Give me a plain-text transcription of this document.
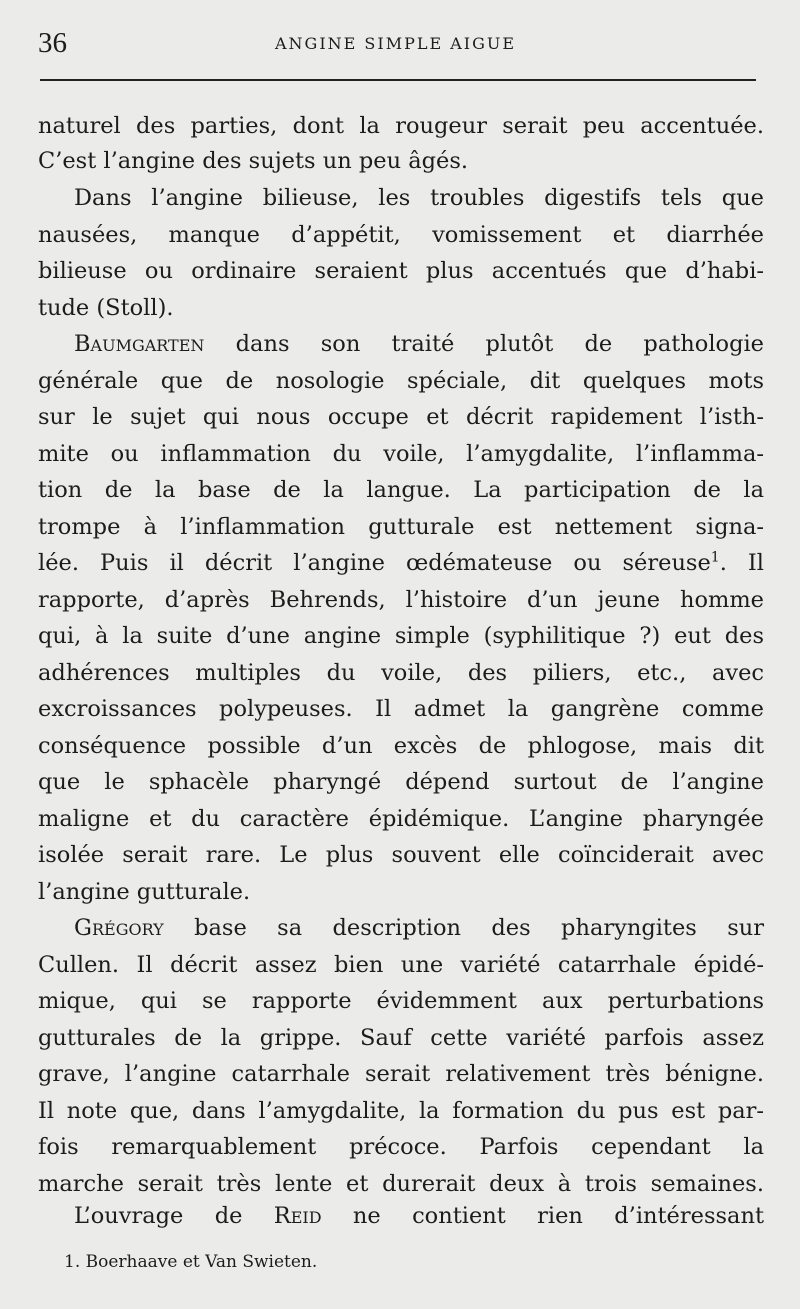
36	ANGINE SIMPLE AIGUE
naturel des parties, dont la rougeur serait peu accentuée.
C’est l’angine des sujets un peu âgés.
Dans l’angine bilieuse, les troubles digestifs tels que
nausées, manque d’appétit, vomissement et diarrhée
bilieuse ou ordinaire seraient plus accentués que d’habi-
tude (Stoll).
Baumgarten dans son traité plutôt de pathologie
générale que de nosologie spéciale, dit quelques mots
sur le sujet qui nous occupe et décrit rapidement l’isth-
mite ou inflammation du voile, l’amygdalite, l’inflamma-
tion de la base de la langue. La participation de la
trompe à l’inflammation gutturale est nettement signa-
lée. Puis il décrit l’angine œdémateuse ou séreuse$^1$. Il
rapporte, d’après Behrends, l’histoire d’un jeune homme
qui, à la suite d’une angine simple (syphilitique ?) eut des
adhérences multiples du voile, des piliers, etc., avec
excroissances polypeuses. Il admet la gangrène comme
conséquence possible d’un excès de phlogose, mais dit
que le sphacèle pharyngé dépend surtout de l’angine
maligne et du caractère épidémique. L’angine pharyngée
isolée serait rare. Le plus souvent elle coïnciderait avec
l’angine gutturale.
Grégory base sa description des pharyngites sur
Cullen. Il décrit assez bien une variété catarrhale épidé-
mique, qui se rapporte évidemment aux perturbations
gutturales de la grippe. Sauf cette variété parfois assez
grave, l’angine catarrhale serait relativement très bénigne.
Il note que, dans l’amygdalite, la formation du pus est par-
fois remarquablement précoce. Parfois cependant la
marche serait très lente et durerait deux à trois semaines.
L’ouvrage de Reid ne contient rien d’intéressant
1. Boerhaave et Van Swieten.
